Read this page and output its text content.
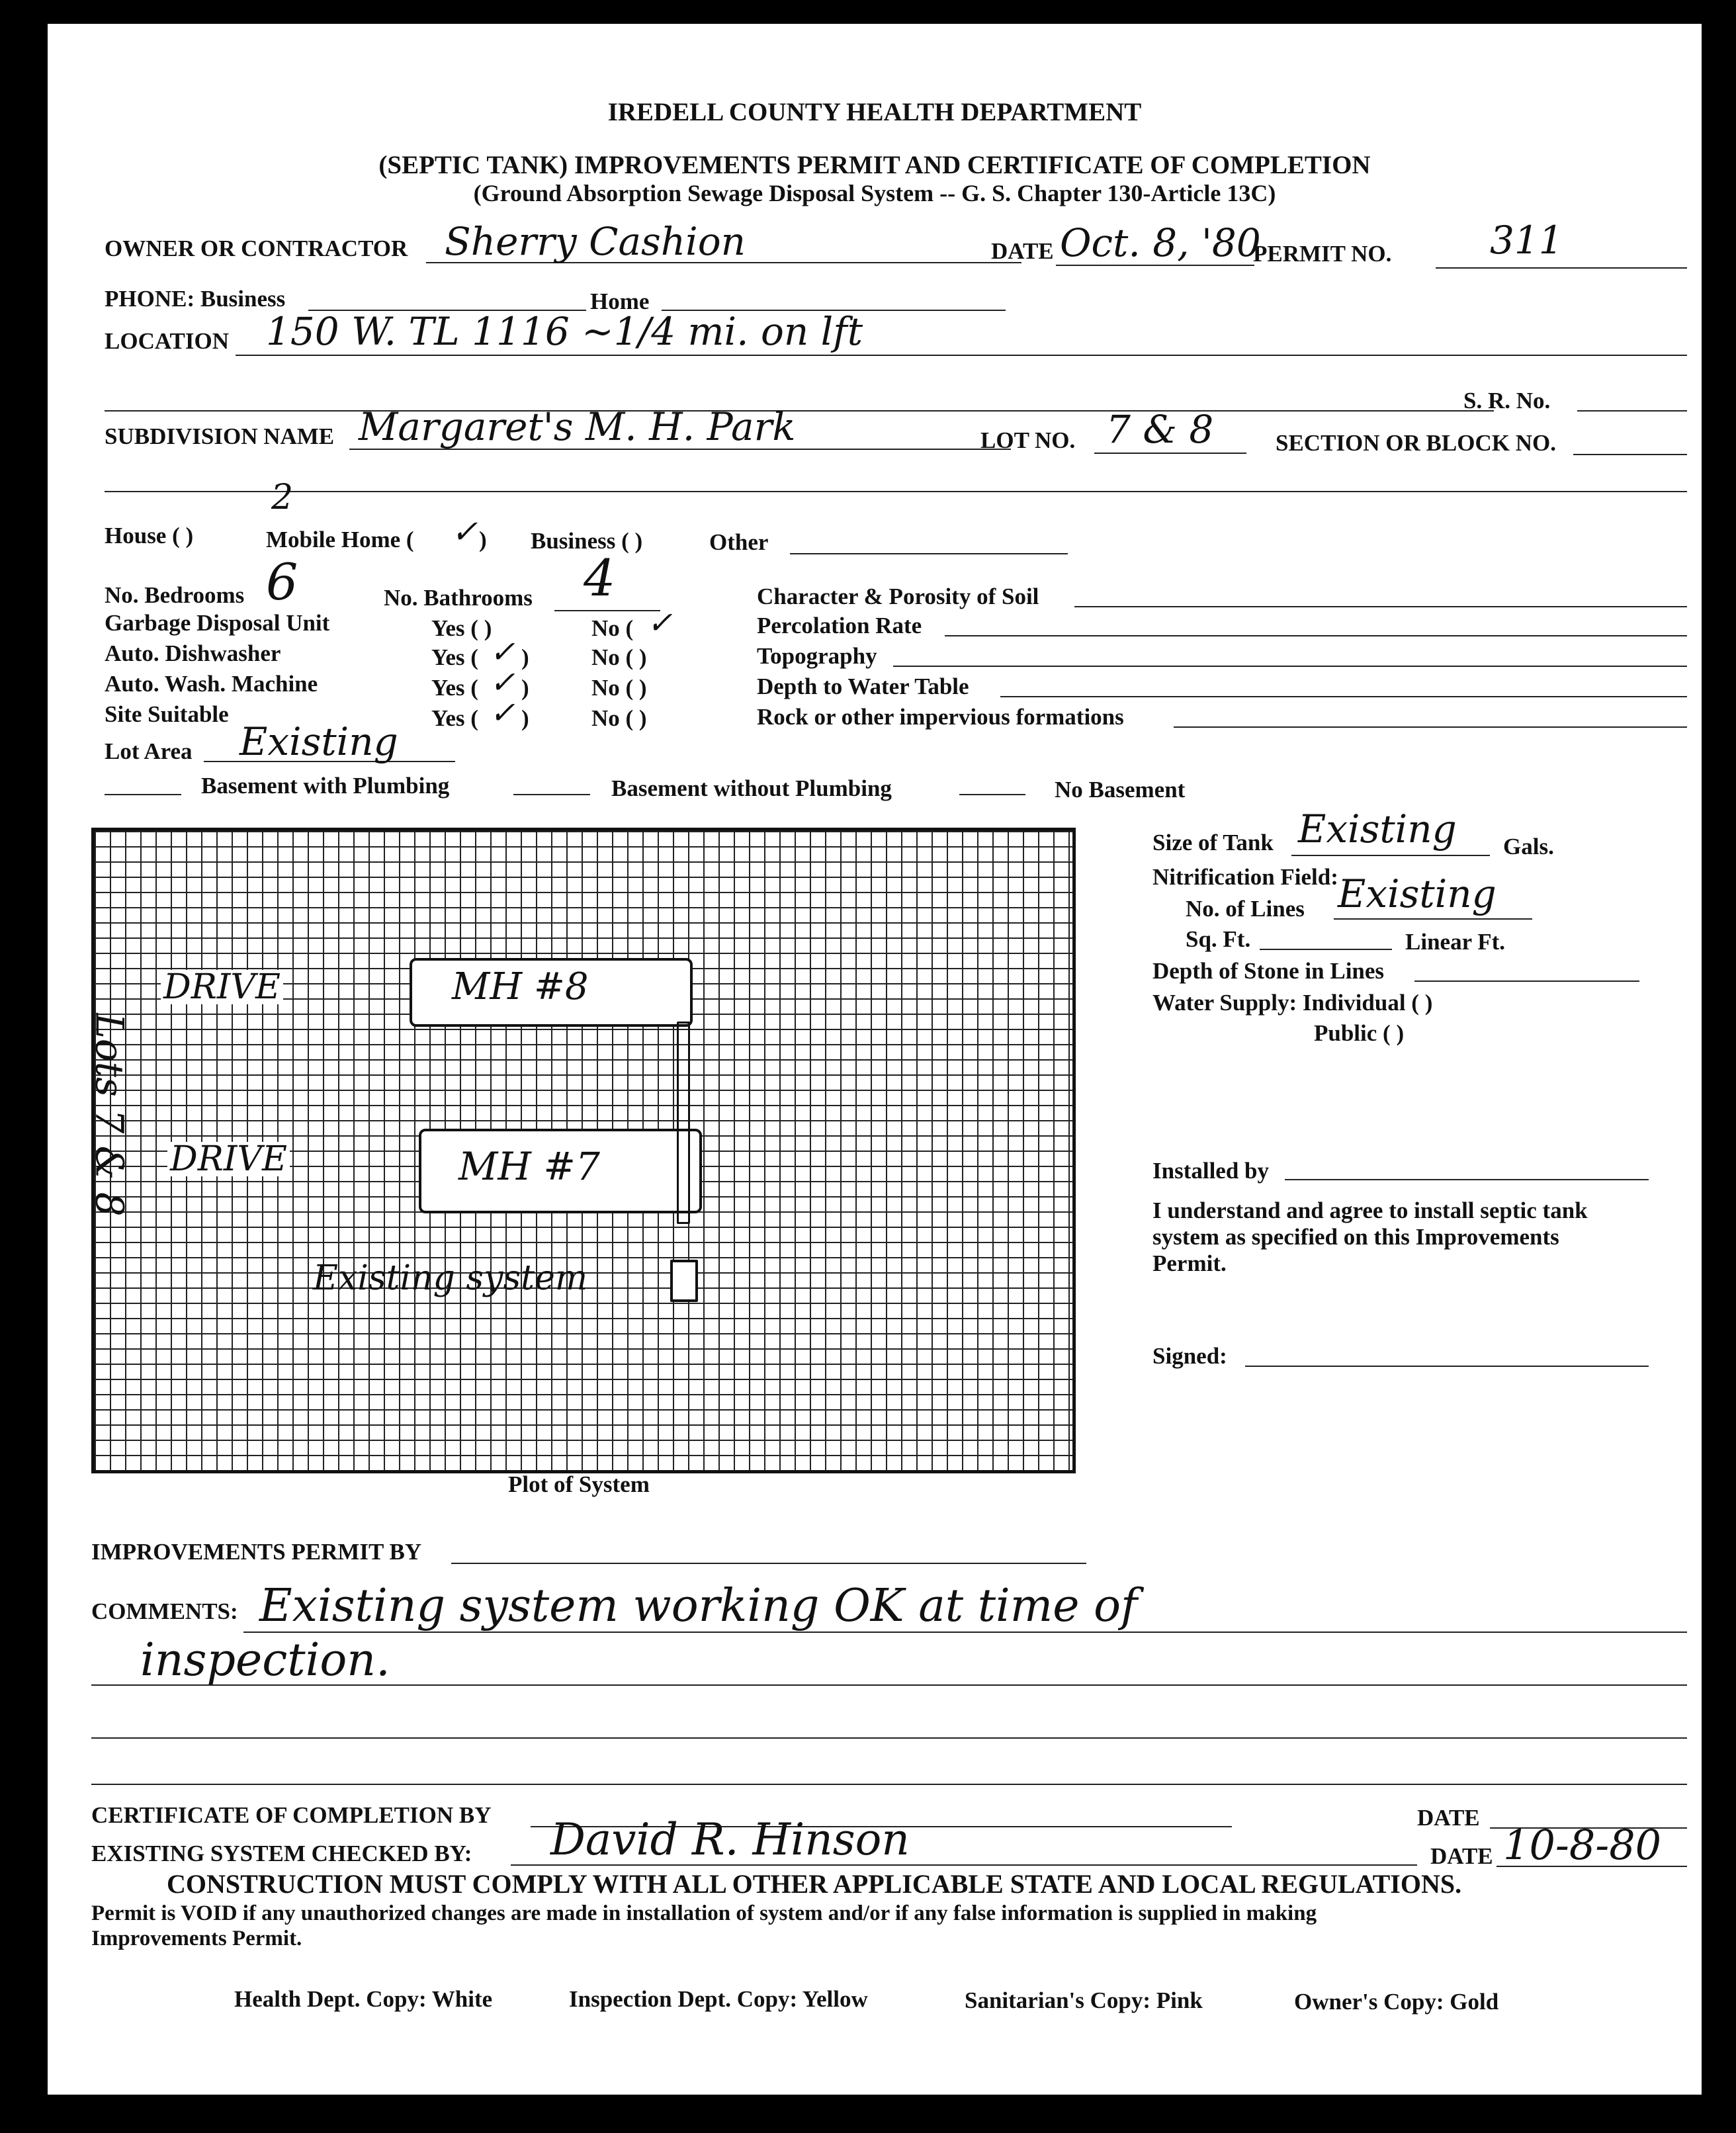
IREDELL COUNTY HEALTH DEPARTMENT
(SEPTIC TANK) IMPROVEMENTS PERMIT AND CERTIFICATE OF COMPLETION
(Ground Absorption Sewage Disposal System -- G. S. Chapter 130-Article 13C)
OWNER OR CONTRACTOR Sherry Cashion	DATE Oct. 8, '80
PERMIT NO.	311
PHONE: Business	Home
LOCATION 150 W. TL 1116 ~1/4 mi. on lft
S. R. No.
SUBDIVISION NAME Margaret's M. H. Park	LOT NO. 7 & 8	SECTION OR BLOCK NO.
House ( )	Mobile Home ( ✓ )
2
Business ( )	Other
No. Bedrooms 6	No. Bathrooms 4
Garbage Disposal Unit	Yes ( )	No ( ✓
Auto. Dishwasher	Yes ( ✓ )	No ( )
Auto. Wash. Machine	Yes ( ✓ )	No ( )
Site Suitable	Yes ( ✓ )	No ( )
Character & Porosity of Soil
Percolation Rate
Topography
Depth to Water Table
Rock or other impervious formations
Lot Area Existing
Basement with Plumbing	Basement without Plumbing	No Basement
DRIVE	MH #8
DRIVE	MH #7
Existing system
Plot of System
Lots 7 & 8
Size of Tank Existing Gals.
Nitrification Field:
No. of Lines Existing
Sq. Ft.	Linear Ft.
Depth of Stone in Lines
Water Supply: Individual ( )
Public ( )
Installed by
I understand and agree to install septic tank
system as specified on this Improvements
Permit.
Signed:
IMPROVEMENTS PERMIT BY
COMMENTS: Existing system working OK at time of
inspection.
CERTIFICATE OF COMPLETION BY	DATE
EXISTING SYSTEM CHECKED BY: David R. Hinson	DATE 10-8-80
CONSTRUCTION MUST COMPLY WITH ALL OTHER APPLICABLE STATE AND LOCAL REGULATIONS.
Permit is VOID if any unauthorized changes are made in installation of system and/or if any false information is supplied in making
Improvements Permit.
Health Dept. Copy: White	Inspection Dept. Copy: Yellow	Sanitarian's Copy: Pink	Owner's Copy: Gold
